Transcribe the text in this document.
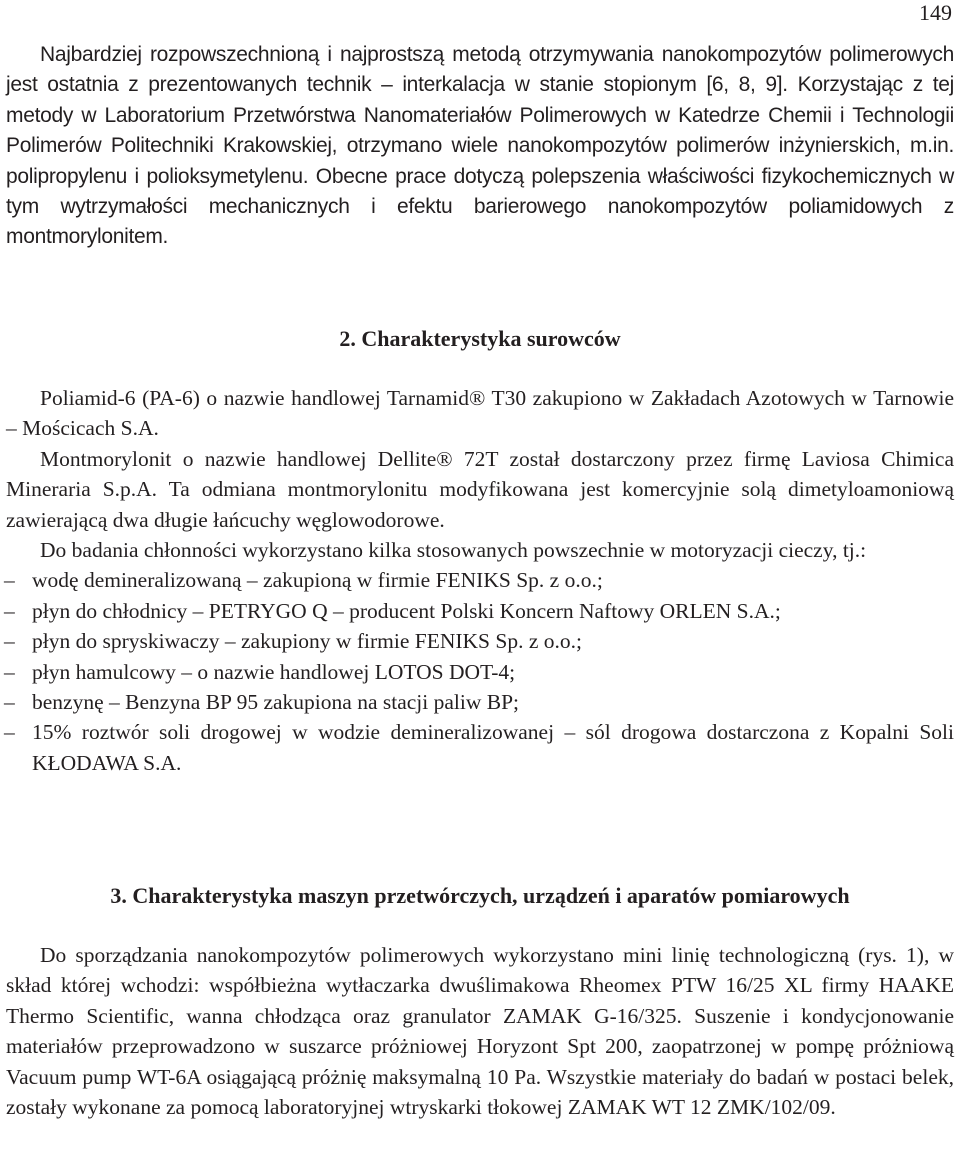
149

Najbardziej rozpowszechnioną i najprostszą metodą otrzymywania nanokompozytów polimerowych jest ostatnia z prezentowanych technik – interkalacja w stanie stopionym [6, 8, 9]. Korzystając z tej metody w Laboratorium Przetwórstwa Nanomateriałów Polimerowych w Katedrze Chemii i Technologii Polimerów Politechniki Krakowskiej, otrzymano wiele nanokompozytów polimerów inżynierskich, m.in. polipropylenu i polioksymetylenu. Obecne prace dotyczą polepszenia właściwości fizykochemicznych w tym wytrzymałości mechanicznych i efektu barierowego nanokompozytów poliamidowych z montmorylonitem.

2. Charakterystyka surowców

Poliamid-6 (PA-6) o nazwie handlowej Tarnamid® T30 zakupiono w Zakładach Azotowych w Tarnowie – Mościcach S.A.

Montmorylonit o nazwie handlowej Dellite® 72T został dostarczony przez firmę Laviosa Chimica Mineraria S.p.A. Ta odmiana montmorylonitu modyfikowana jest komercyjnie solą dimetyloamoniową zawierającą dwa długie łańcuchy węglowodorowe.

Do badania chłonności wykorzystano kilka stosowanych powszechnie w motoryzacji cieczy, tj.:

– wodę demineralizowaną – zakupioną w firmie FENIKS Sp. z o.o.;
– płyn do chłodnicy – PETRYGO Q – producent Polski Koncern Naftowy ORLEN S.A.;
– płyn do spryskiwaczy – zakupiony w firmie FENIKS Sp. z o.o.;
– płyn hamulcowy – o nazwie handlowej LOTOS DOT-4;
– benzynę – Benzyna BP 95 zakupiona na stacji paliw BP;
– 15% roztwór soli drogowej w wodzie demineralizowanej – sól drogowa dostarczona z Kopalni Soli KŁODAWA S.A.
3. Charakterystyka maszyn przetwórczych, urządzeń i aparatów pomiarowych

Do sporządzania nanokompozytów polimerowych wykorzystano mini linię technologiczną (rys. 1), w skład której wchodzi: współbieżna wytłaczarka dwuślimakowa Rheomex PTW 16/25 XL firmy HAAKE Thermo Scientific, wanna chłodząca oraz granulator ZAMAK G-16/325. Suszenie i kondycjonowanie materiałów przeprowadzono w suszarce próżniowej Horyzont Spt 200, zaopatrzonej w pompę próżniową Vacuum pump WT-6A osiągającą próżnię maksymalną 10 Pa. Wszystkie materiały do badań w postaci belek, zostały wykonane za pomocą laboratoryjnej wtryskarki tłokowej ZAMAK WT 12 ZMK/102/09.
